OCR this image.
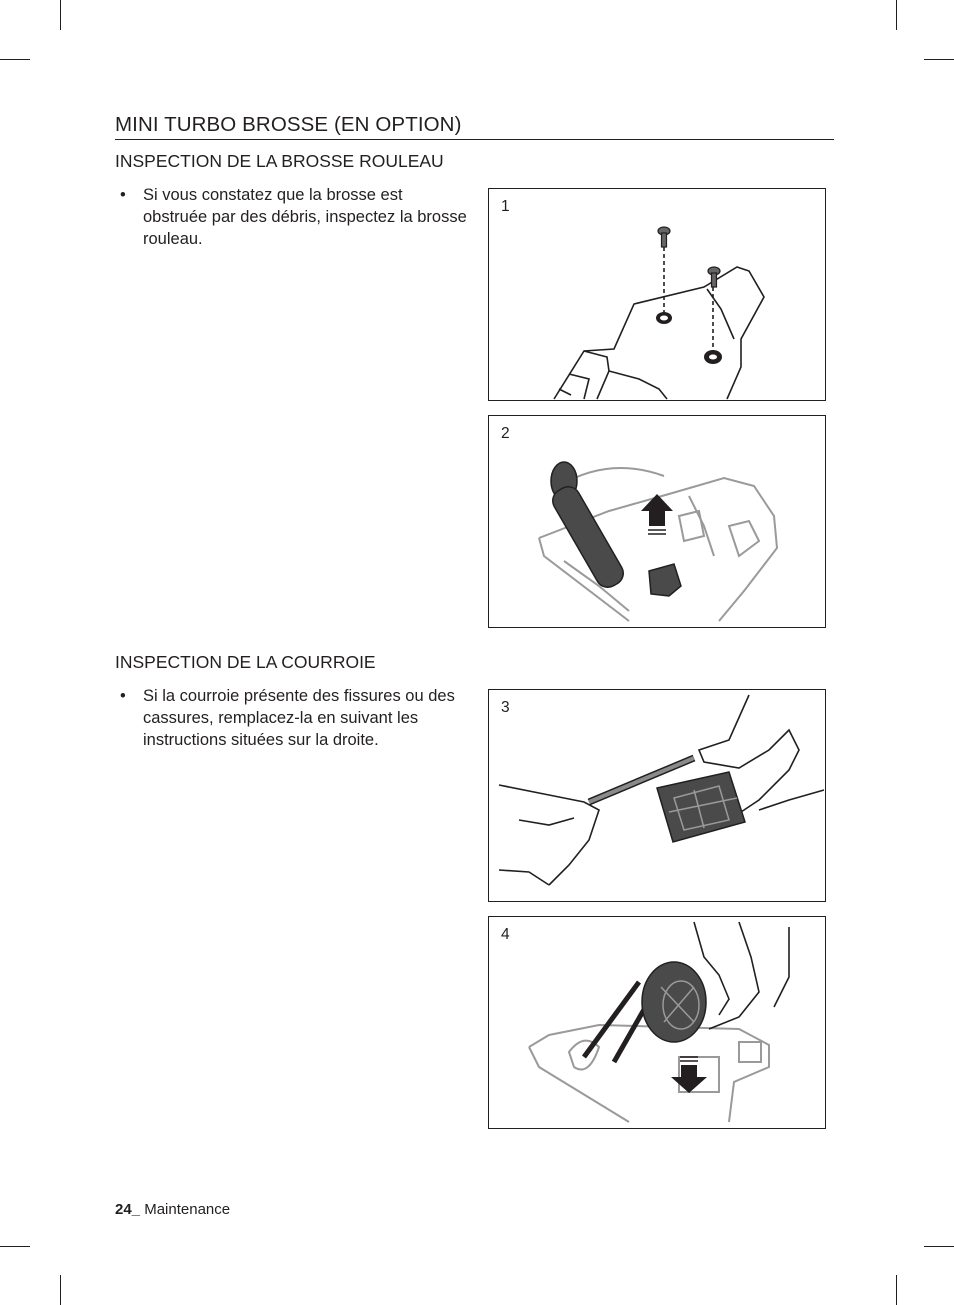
MINI TURBO BROSSE (EN OPTION)
INSPECTION DE LA BROSSE ROULEAU
• Si vous constatez que la brosse est obstruée par des débris, inspectez la brosse rouleau.
INSPECTION DE LA COURROIE
• Si la courroie présente des fissures ou des cassures, remplacez-la en suivant les instructions situées sur la droite.
1
2
3
4
24_ Maintenance
